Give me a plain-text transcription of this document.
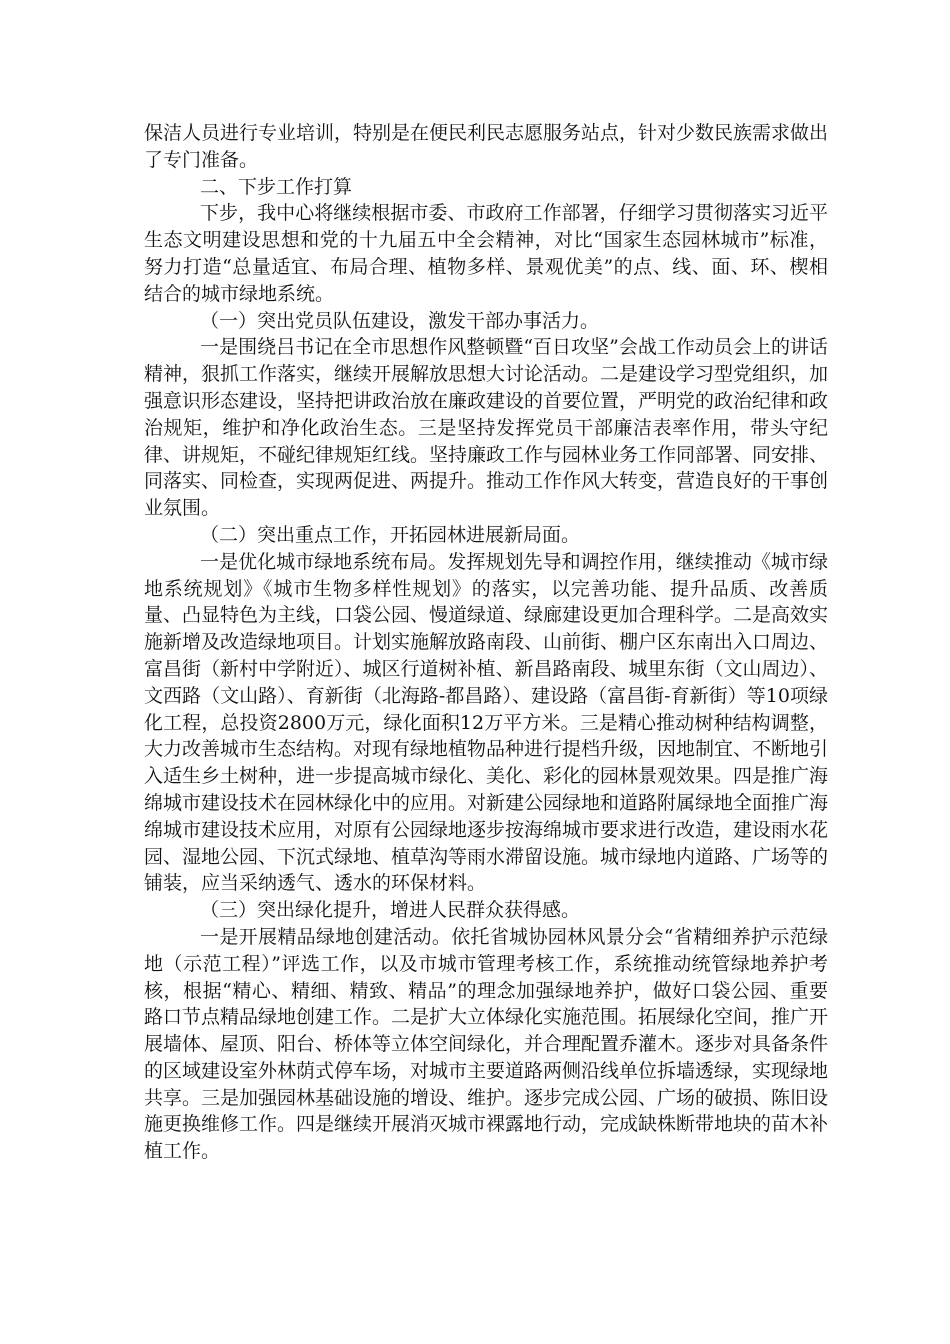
保洁人员进行专业培训，特别是在便民利民志愿服务站点，针对少数民族需求做出了专门准备。

二、下步工作打算

下步，我中心将继续根据市委、市政府工作部署，仔细学习贯彻落实习近平生态文明建设思想和党的十九届五中全会精神，对比“国家生态园林城市”标准，努力打造“总量适宜、布局合理、植物多样、景观优美”的点、线、面、环、楔相结合的城市绿地系统。

（一）突出党员队伍建设，激发干部办事活力。

一是围绕吕书记在全市思想作风整顿暨“百日攻坚”会战工作动员会上的讲话精神，狠抓工作落实，继续开展解放思想大讨论活动。二是建设学习型党组织，加强意识形态建设，坚持把讲政治放在廉政建设的首要位置，严明党的政治纪律和政治规矩，维护和净化政治生态。三是坚持发挥党员干部廉洁表率作用，带头守纪律、讲规矩，不碰纪律规矩红线。坚持廉政工作与园林业务工作同部署、同安排、同落实、同检查，实现两促进、两提升。推动工作作风大转变，营造良好的干事创业氛围。

（二）突出重点工作，开拓园林进展新局面。

一是优化城市绿地系统布局。发挥规划先导和调控作用，继续推动《城市绿地系统规划》《城市生物多样性规划》的落实，以完善功能、提升品质、改善质量、凸显特色为主线，口袋公园、慢道绿道、绿廊建设更加合理科学。二是高效实施新增及改造绿地项目。计划实施解放路南段、山前街、棚户区东南出入口周边、富昌街（新村中学附近）、城区行道树补植、新昌路南段、城里东街（文山周边）、文西路（文山路）、育新街（北海路-都昌路）、建设路（富昌街-育新街）等10项绿化工程，总投资2800万元，绿化面积12万平方米。三是精心推动树种结构调整，大力改善城市生态结构。对现有绿地植物品种进行提档升级，因地制宜、不断地引入适生乡土树种，进一步提高城市绿化、美化、彩化的园林景观效果。四是推广海绵城市建设技术在园林绿化中的应用。对新建公园绿地和道路附属绿地全面推广海绵城市建设技术应用，对原有公园绿地逐步按海绵城市要求进行改造，建设雨水花园、湿地公园、下沉式绿地、植草沟等雨水滞留设施。城市绿地内道路、广场等的铺装，应当采纳透气、透水的环保材料。

（三）突出绿化提升，增进人民群众获得感。

一是开展精品绿地创建活动。依托省城协园林风景分会“省精细养护示范绿地（示范工程）”评选工作，以及市城市管理考核工作，系统推动统管绿地养护考核，根据“精心、精细、精致、精品”的理念加强绿地养护，做好口袋公园、重要路口节点精品绿地创建工作。二是扩大立体绿化实施范围。拓展绿化空间，推广开展墙体、屋顶、阳台、桥体等立体空间绿化，并合理配置乔灌木。逐步对具备条件的区域建设室外林荫式停车场，对城市主要道路两侧沿线单位拆墙透绿，实现绿地共享。三是加强园林基础设施的增设、维护。逐步完成公园、广场的破损、陈旧设施更换维修工作。四是继续开展消灭城市裸露地行动，完成缺株断带地块的苗木补植工作。
